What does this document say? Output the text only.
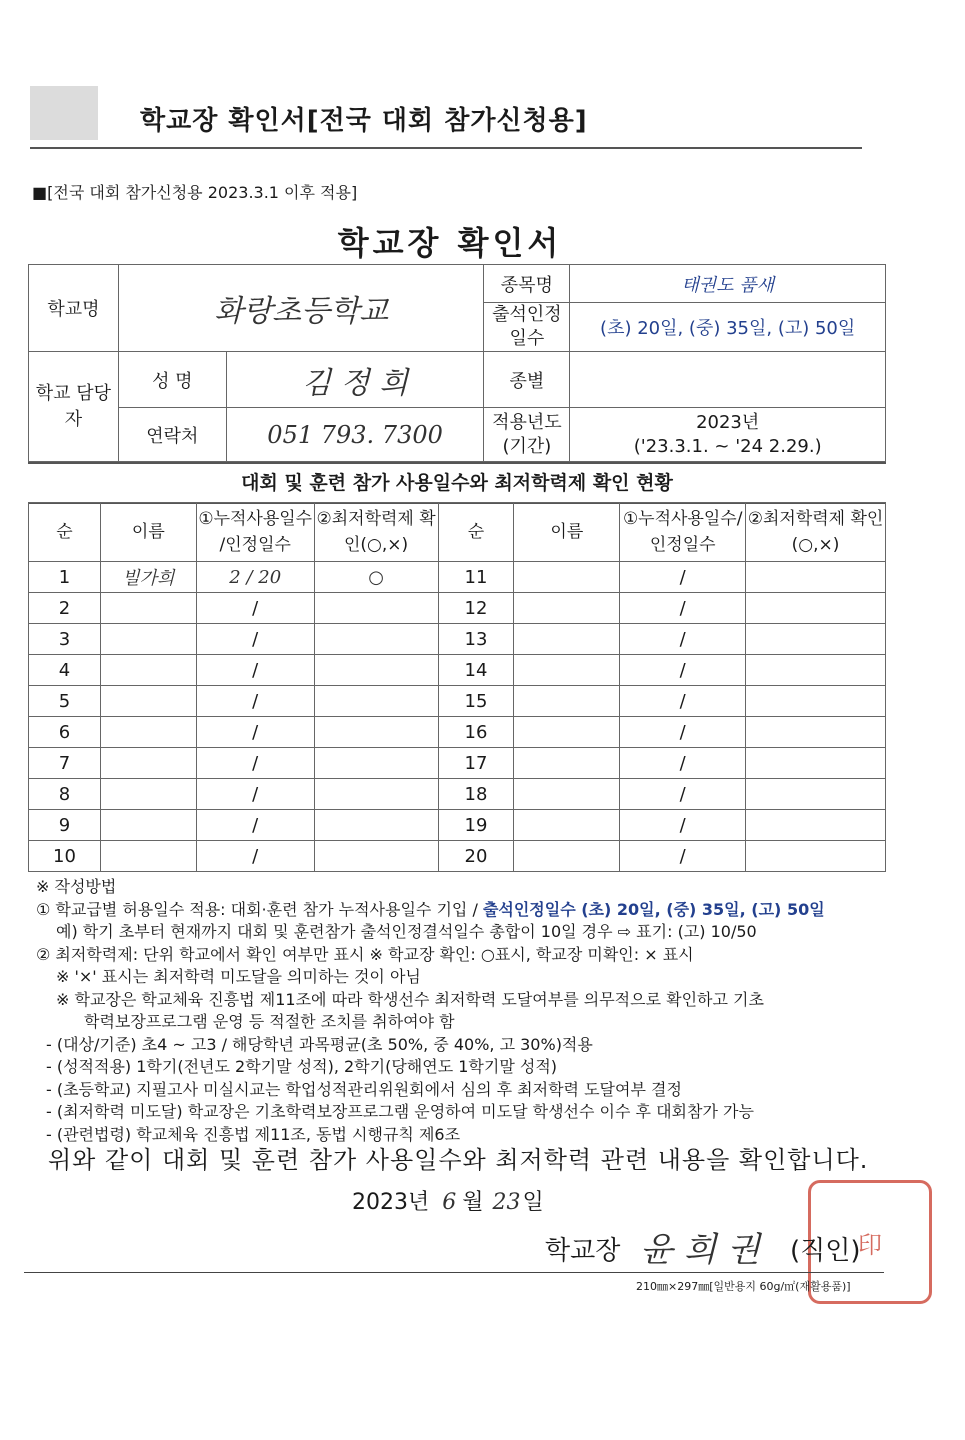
학교장 확인서[전국 대회 참가신청용]
■[전국 대회 참가신청용 2023.3.1 이후 적용]
학교장 확인서
학교명	화랑초등학교		종목명	태권도 품새
			출석인정 일수	(초) 20일, (중) 35일, (고) 50일
학교 담당자	성 명	김 정 희	종별	
	연락처	051 793. 7300	적용년도 (기간)	2023년
('23.3.1. ~ '24 2.29.)
대회 및 훈련 참가 사용일수와 최저학력제 확인 현황
순	이름	①누적사용일수 /인정일수	②최저학력제 확인(○,×)	순	이름	①누적사용일수/ 인정일수	②최저학력제 확인(○,×)
1	빌가희	2 / 20	○	11		/	
2		/		12		/	
3		/		13		/	
4		/		14		/	
5		/		15		/	
6		/		16		/	
7		/		17		/	
8		/		18		/	
9		/		19		/	
10		/		20		/	
※ 작성방법
① 학교급별 허용일수 적용: 대회·훈련 참가 누적사용일수 기입 / 출석인정일수 (초) 20일, (중) 35일, (고) 50일
예) 학기 초부터 현재까지 대회 및 훈련참가 출석인정결석일수 총합이 10일 경우 ⇨ 표기: (고) 10/50
② 최저학력제: 단위 학교에서 확인 여부만 표시 ※ 학교장 확인: ○표시, 학교장 미확인: × 표시
※ '×' 표시는 최저학력 미도달을 의미하는 것이 아님
※ 학교장은 학교체육 진흥법 제11조에 따라 학생선수 최저학력 도달여부를 의무적으로 확인하고 기초
학력보장프로그램 운영 등 적절한 조치를 취하여야 함
- (대상/기준) 초4 ~ 고3 / 해당학년 과목평균(초 50%, 중 40%, 고 30%)적용
- (성적적용) 1학기(전년도 2학기말 성적), 2학기(당해연도 1학기말 성적)
- (초등학교) 지필고사 미실시교는 학업성적관리위원회에서 심의 후 최저학력 도달여부 결정
- (최저학력 미도달) 학교장은 기초학력보장프로그램 운영하여 미도달 학생선수 이수 후 대회참가 가능
- (관련법령) 학교체육 진흥법 제11조, 동법 시행규칙 제6조
위와 같이 대회 및 훈련 참가 사용일수와 최저학력 관련 내용을 확인합니다.
2023년 6 월 23일
학교장 윤 희 권	印
(직인)
210㎜×297㎜[일반용지 60g/㎡(재활용품)]
